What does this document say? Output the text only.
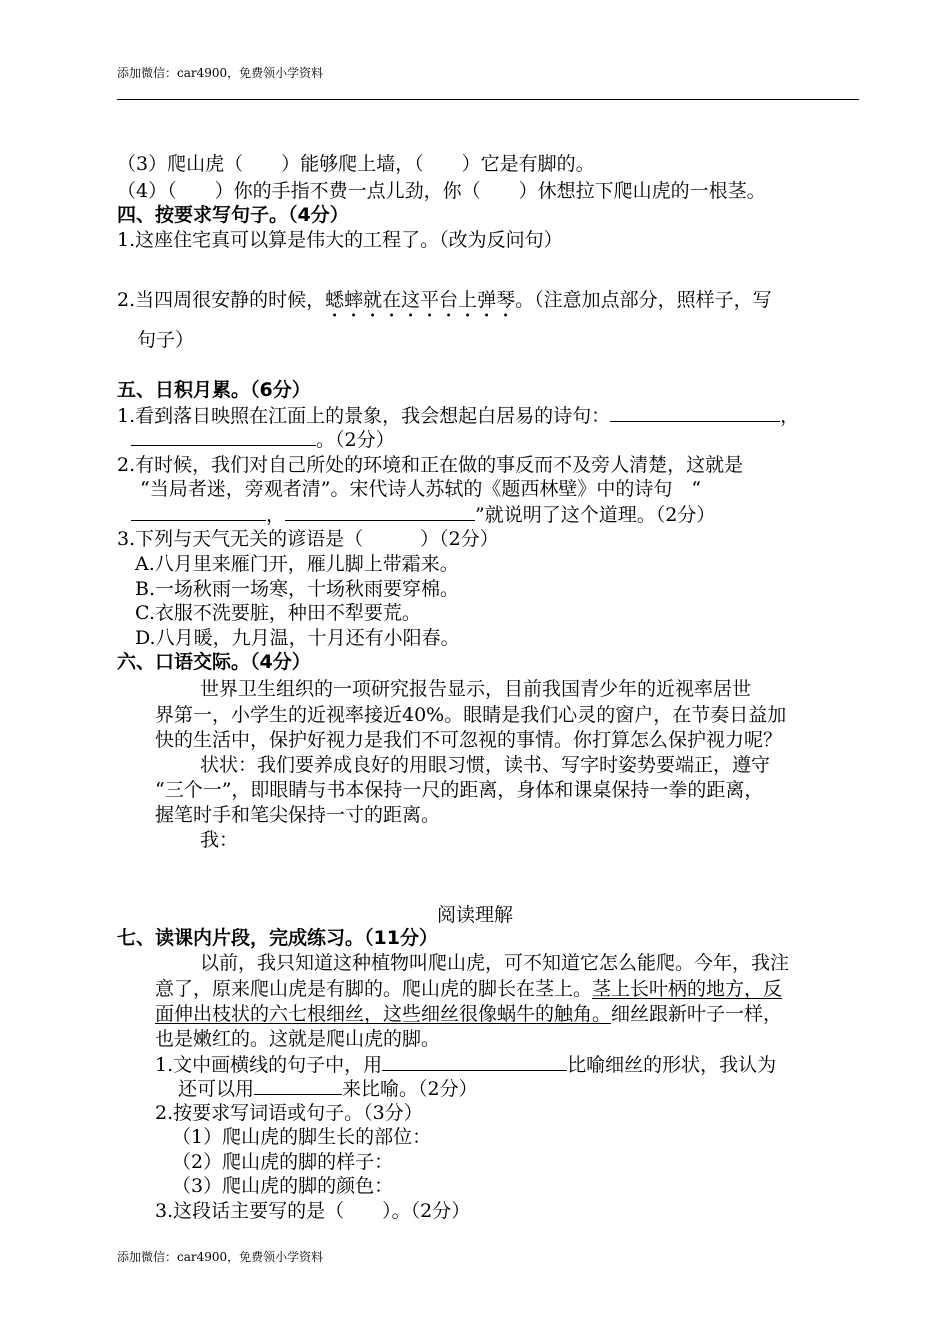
添加微信：car4900，免费领小学资料
（3）爬山虎（　　）能够爬上墙，（　　）它是有脚的。
（4）（　　）你的手指不费一点儿劲，你（　　）休想拉下爬山虎的一根茎。
四、按要求写句子。（4分）
1.这座住宅真可以算是伟大的工程了。（改为反问句）
2.当四周很安静的时候，蟋蟀就在这平台上弹琴。（注意加点部分，照样子，写
句子）
五、日积月累。（6分）
1.看到落日映照在江面上的景象，我会想起白居易的诗句：	，
。（2分）
2.有时候，我们对自己所处的环境和正在做的事反而不及旁人清楚，这就是
“当局者迷，旁观者清”。宋代诗人苏轼的《题西林壁》中的诗句　“
，	”就说明了这个道理。（2分）
3.下列与天气无关的谚语是（　　　）（2分）
A.八月里来雁门开，雁儿脚上带霜来。
B.一场秋雨一场寒，十场秋雨要穿棉。
C.衣服不洗要脏，种田不犁要荒。
D.八月暖，九月温，十月还有小阳春。
六、口语交际。（4分）
世界卫生组织的一项研究报告显示，目前我国青少年的近视率居世
界第一，小学生的近视率接近40%。眼睛是我们心灵的窗户，在节奏日益加
快的生活中，保护好视力是我们不可忽视的事情。你打算怎么保护视力呢？
状状：我们要养成良好的用眼习惯，读书、写字时姿势要端正，遵守
“三个一”，即眼睛与书本保持一尺的距离，身体和课桌保持一拳的距离，
握笔时手和笔尖保持一寸的距离。
我：
阅读理解
七、读课内片段，完成练习。（11分）
以前，我只知道这种植物叫爬山虎，可不知道它怎么能爬。今年，我注
意了，原来爬山虎是有脚的。爬山虎的脚长在茎上。茎上长叶柄的地方，反
面伸出枝状的六七根细丝，这些细丝很像蜗牛的触角。细丝跟新叶子一样，
也是嫩红的。这就是爬山虎的脚。
1.文中画横线的句子中，用	比喻细丝的形状，我认为
还可以用	来比喻。（2分）
2.按要求写词语或句子。（3分）
（1）爬山虎的脚生长的部位：
（2）爬山虎的脚的样子：
（3）爬山虎的脚的颜色：
3.这段话主要写的是（　　）。（2分）
添加微信：car4900，免费领小学资料
